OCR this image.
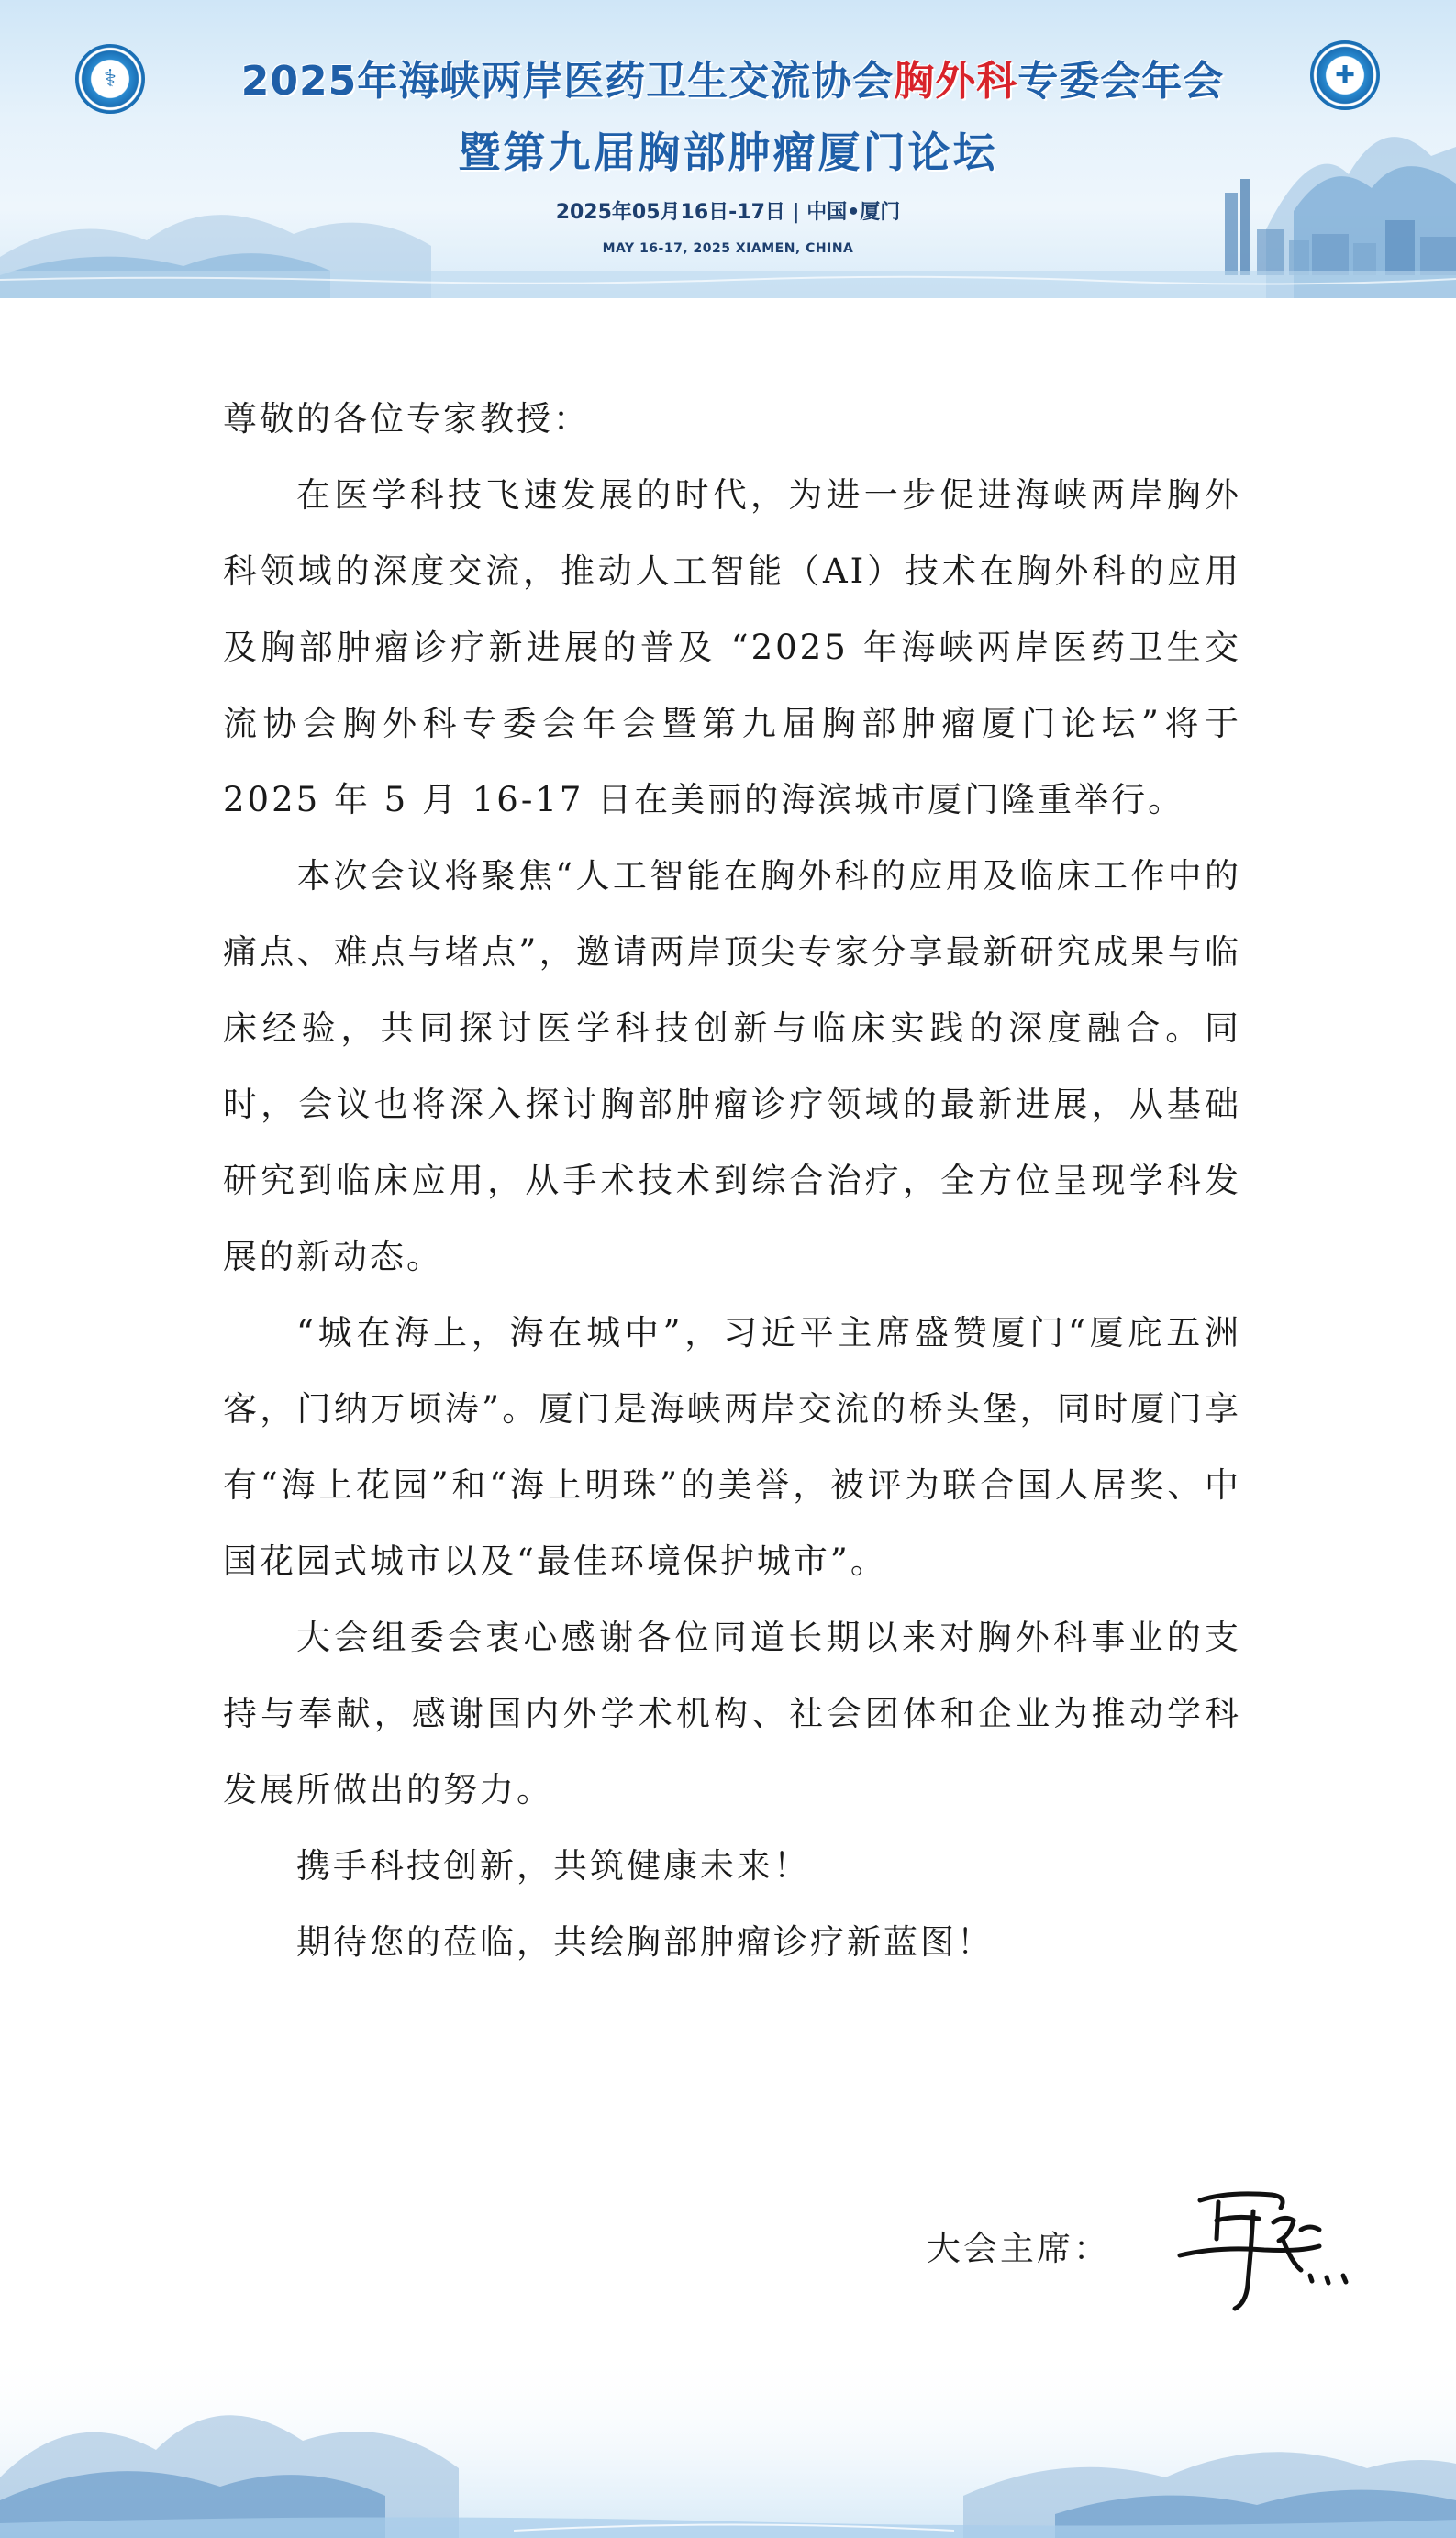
⚕	✚
2025年海峡两岸医药卫生交流协会胸外科专委会年会
暨第九届胸部肿瘤厦门论坛
2025年05月16日-17日 | 中国•厦门
MAY 16-17, 2025 XIAMEN, CHINA

尊敬的各位专家教授：

在医学科技飞速发展的时代，为进一步促进海峡两岸胸外科领域的深度交流，推动人工智能（AI）技术在胸外科的应用及胸部肿瘤诊疗新进展的普及 “2025 年海峡两岸医药卫生交流协会胸外科专委会年会暨第九届胸部肿瘤厦门论坛”将于 2025 年 5 月 16-17 日在美丽的海滨城市厦门隆重举行。

本次会议将聚焦“人工智能在胸外科的应用及临床工作中的痛点、难点与堵点”，邀请两岸顶尖专家分享最新研究成果与临床经验，共同探讨医学科技创新与临床实践的深度融合。同时，会议也将深入探讨胸部肿瘤诊疗领域的最新进展，从基础研究到临床应用，从手术技术到综合治疗，全方位呈现学科发展的新动态。

“城在海上，海在城中”，习近平主席盛赞厦门“厦庇五洲客，门纳万顷涛”。厦门是海峡两岸交流的桥头堡，同时厦门享有“海上花园”和“海上明珠”的美誉，被评为联合国人居奖、中国花园式城市以及“最佳环境保护城市”。

大会组委会衷心感谢各位同道长期以来对胸外科事业的支持与奉献，感谢国内外学术机构、社会团体和企业为推动学科发展所做出的努力。

携手科技创新，共筑健康未来！

期待您的莅临，共绘胸部肿瘤诊疗新蓝图！

大会主席：
